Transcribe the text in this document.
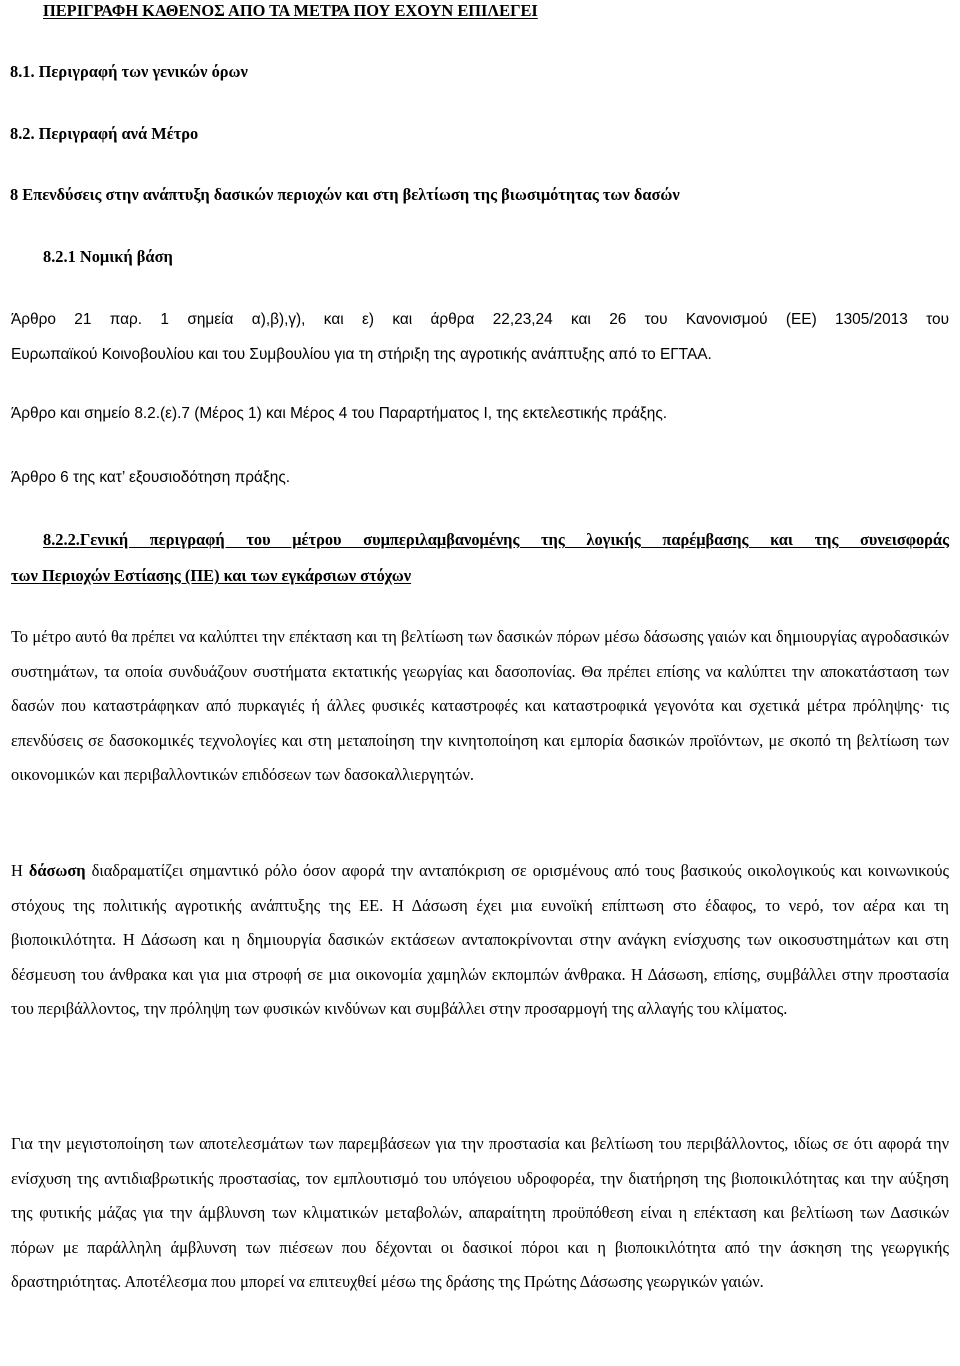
ΠΕΡΙΓΡΑΦΗ ΚΑΘΕΝΟΣ ΑΠΟ ΤΑ ΜΕΤΡΑ ΠΟΥ ΕΧΟΥΝ ΕΠΙΛΕΓΕΙ
8.1. Περιγραφή των γενικών όρων
8.2. Περιγραφή ανά Μέτρο
8 Επενδύσεις στην ανάπτυξη δασικών περιοχών και στη βελτίωση της βιωσιμότητας των δασών
8.2.1 Νομική βάση
Άρθρο 21 παρ. 1 σημεία α),β),γ), και ε) και άρθρα 22,23,24 και 26 του Κανονισμού (ΕΕ) 1305/2013 του
Ευρωπαϊκού Κοινοβουλίου και του Συμβουλίου για τη στήριξη της αγροτικής ανάπτυξης από το ΕΓΤΑΑ.
Άρθρο και σημείο 8.2.(ε).7 (Μέρος 1) και Μέρος 4 του Παραρτήματος Ι, της εκτελεστικής πράξης.
Άρθρο 6 της κατ’ εξουσιοδότηση πράξης.
8.2.2.Γενική περιγραφή του μέτρου συμπεριλαμβανομένης της λογικής παρέμβασης και της συνεισφοράς
των Περιοχών Εστίασης (ΠΕ) και των εγκάρσιων στόχων

Το μέτρο αυτό θα πρέπει να καλύπτει την επέκταση και τη βελτίωση των δασικών πόρων μέσω δάσωσης γαιών και δημιουργίας αγροδασικών συστημάτων, τα οποία συνδυάζουν συστήματα εκτατικής γεωργίας και δασοπονίας. Θα πρέπει επίσης να καλύπτει την αποκατάσταση των δασών που καταστράφηκαν από πυρκαγιές ή άλλες φυσικές καταστροφές και καταστροφικά γεγονότα και σχετικά μέτρα πρόληψης· τις επενδύσεις σε δασοκομικές τεχνολογίες και στη μεταποίηση την κινητοποίηση και εμπορία δασικών προϊόντων, με σκοπό τη βελτίωση των οικονομικών και περιβαλλοντικών επιδόσεων των δασοκαλλιεργητών.

Η δάσωση διαδραματίζει σημαντικό ρόλο όσον αφορά την ανταπόκριση σε ορισμένους από τους βασικούς οικολογικούς και κοινωνικούς στόχους της πολιτικής αγροτικής ανάπτυξης της ΕΕ. Η Δάσωση έχει μια ευνοϊκή επίπτωση στο έδαφος, το νερό, τον αέρα και τη βιοποικιλότητα. Η Δάσωση και η δημιουργία δασικών εκτάσεων ανταποκρίνονται στην ανάγκη ενίσχυσης των οικοσυστημάτων και στη δέσμευση του άνθρακα και για μια στροφή σε μια οικονομία χαμηλών εκπομπών άνθρακα. Η Δάσωση, επίσης, συμβάλλει στην προστασία του περιβάλλοντος, την πρόληψη των φυσικών κινδύνων και συμβάλλει στην προσαρμογή της αλλαγής του κλίματος.

Για την μεγιστοποίηση των αποτελεσμάτων των παρεμβάσεων για την προστασία και βελτίωση του περιβάλλοντος, ιδίως σε ότι αφορά την ενίσχυση της αντιδιαβρωτικής προστασίας, τον εμπλουτισμό του υπόγειου υδροφορέα, την διατήρηση της βιοποικιλότητας και την αύξηση της φυτικής μάζας για την άμβλυνση των κλιματικών μεταβολών, απαραίτητη προϋπόθεση είναι η επέκταση και βελτίωση των Δασικών πόρων με παράλληλη άμβλυνση των πιέσεων που δέχονται οι δασικοί πόροι και η βιοποικιλότητα από την άσκηση της γεωργικής δραστηριότητας. Αποτέλεσμα που μπορεί να επιτευχθεί μέσω της δράσης της Πρώτης Δάσωσης γεωργικών γαιών.
